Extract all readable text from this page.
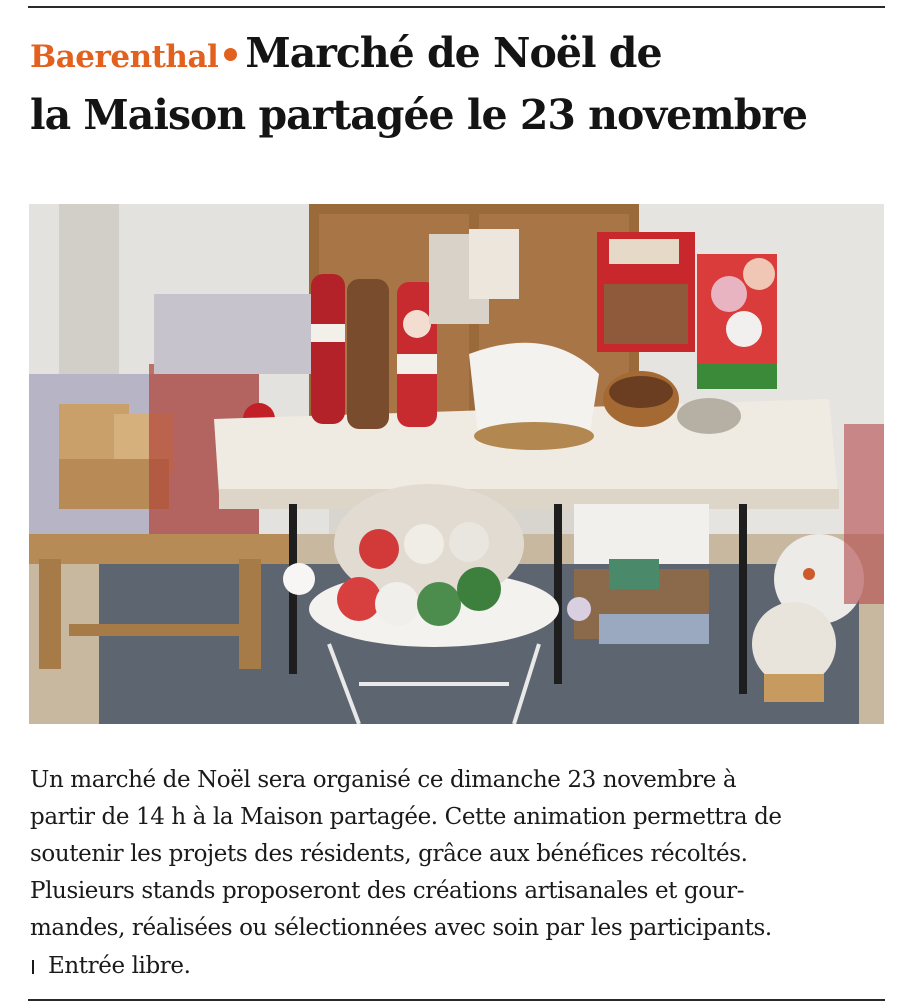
Baerenthal Marché de Noël de
la Maison partagée le 23 novembre
Un marché de Noël sera organisé ce dimanche 23 novembre à
partir de 14 h à la Maison partagée. Cette animation permettra de
soutenir les projets des résidents, grâce aux bénéfices récoltés.
Plusieurs stands proposeront des créations artisanales et gour-
mandes, réalisées ou sélectionnées avec soin par les participants.
Entrée libre.
